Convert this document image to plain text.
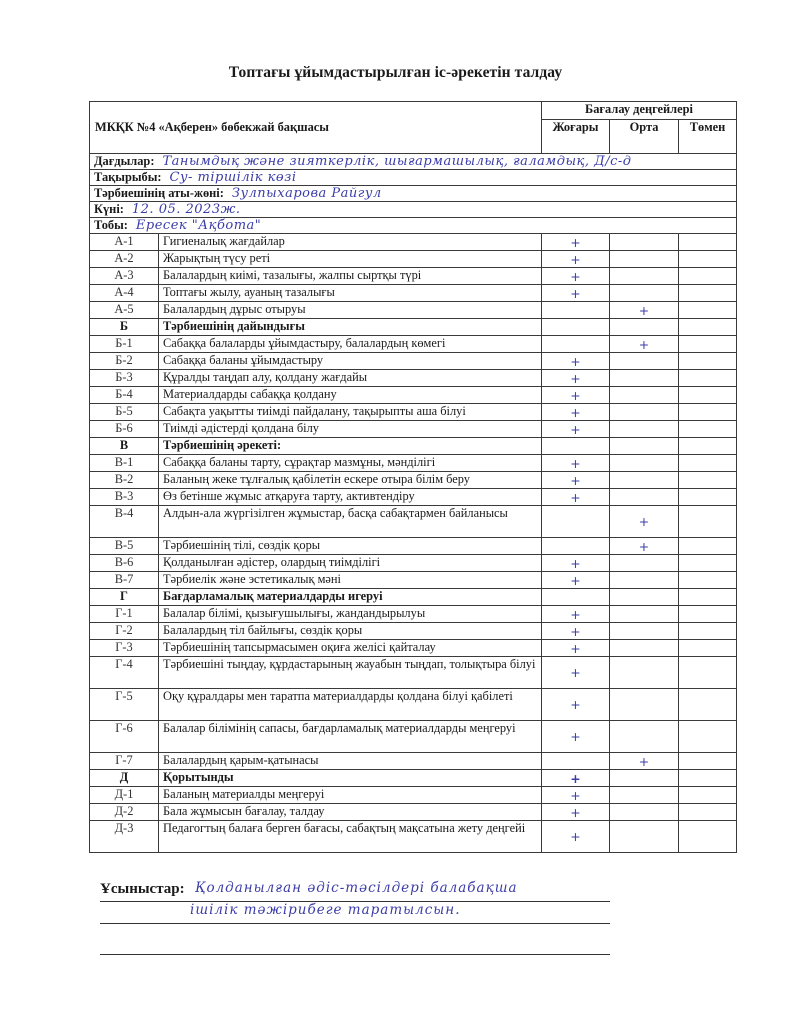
Топтағы ұйымдастырылған іс-әрекетін талдау
МКҚК №4 «Ақберен» бөбекжай бақшасы		Бағалау деңгейлері		
		Жоғары	Орта	Төмен
Дағдылар: Танымдық және зияткерлік, шығармашылық, ғаламдық, Д/с-д				
Тақырыбы: Су- тіршілік көзі				
Тәрбиешінің аты-жөні: Зулпыхарова Райгул				
Күні: 12. 05. 2023ж.				
Тобы: Ересек "Ақбота"				
А-1	Гигиеналық жағдайлар	+		
А-2	Жарықтың түсу реті	+		
А-3	Балалардың киімі, тазалығы, жалпы сыртқы түрі	+		
А-4	Топтағы жылу, ауаның тазалығы	+		
А-5	Балалардың дұрыс отыруы		+	
Б	Тәрбиешінің дайындығы			
Б-1	Сабаққа балаларды ұйымдастыру, балалардың көмегі		+	
Б-2	Сабаққа баланы ұйымдастыру	+		
Б-3	Құралды таңдап алу, қолдану жағдайы	+		
Б-4	Материалдарды сабаққа қолдану	+		
Б-5	Сабақта уақытты тиімді пайдалану, тақырыпты аша білуі	+		
Б-6	Тиімді әдістерді қолдана білу	+		
В	Тәрбиешінің әрекеті:			
В-1	Сабаққа баланы тарту, сұрақтар мазмұны, мәнділігі	+		
В-2	Баланың жеке тұлғалық қабілетін ескере отыра білім беру	+		
В-3	Өз бетінше жұмыс атқаруға тарту, активтендіру	+		
В-4	Алдын-ала жүргізілген жұмыстар, басқа сабақтармен байланысы		+	
В-5	Тәрбиешінің тілі, сөздік қоры		+	
В-6	Қолданылған әдістер, олардың тиімділігі	+		
В-7	Тәрбиелік және эстетикалық мәні	+		
Г	Бағдарламалық материалдарды игеруі			
Г-1	Балалар білімі, қызығушылығы, жандандырылуы	+		
Г-2	Балалардың тіл байлығы, сөздік қоры	+		
Г-3	Тәрбиешінің тапсырмасымен оқиға желісі қайталау	+		
Г-4	Тәрбиешіні тыңдау, құрдастарының жауабын тыңдап, толықтыра білуі	+		
Г-5	Оқу құралдары мен таратпа материалдарды қолдана білуі қабілеті	+		
Г-6	Балалар білімінің сапасы, бағдарламалық материалдарды меңгеруі	+		
Г-7	Балалардың қарым-қатынасы		+	
Д	Қорытынды	+		
Д-1	Баланың материалды меңгеруі	+		
Д-2	Бала жұмысын бағалау, талдау	+		
Д-3	Педагогтың балаға берген бағасы, сабақтың мақсатына жету деңгейі	+		
Ұсыныстар: Қолданылған әдіс-тәсілдері балабақша
ішілік тәжірибеге таратылсын.
